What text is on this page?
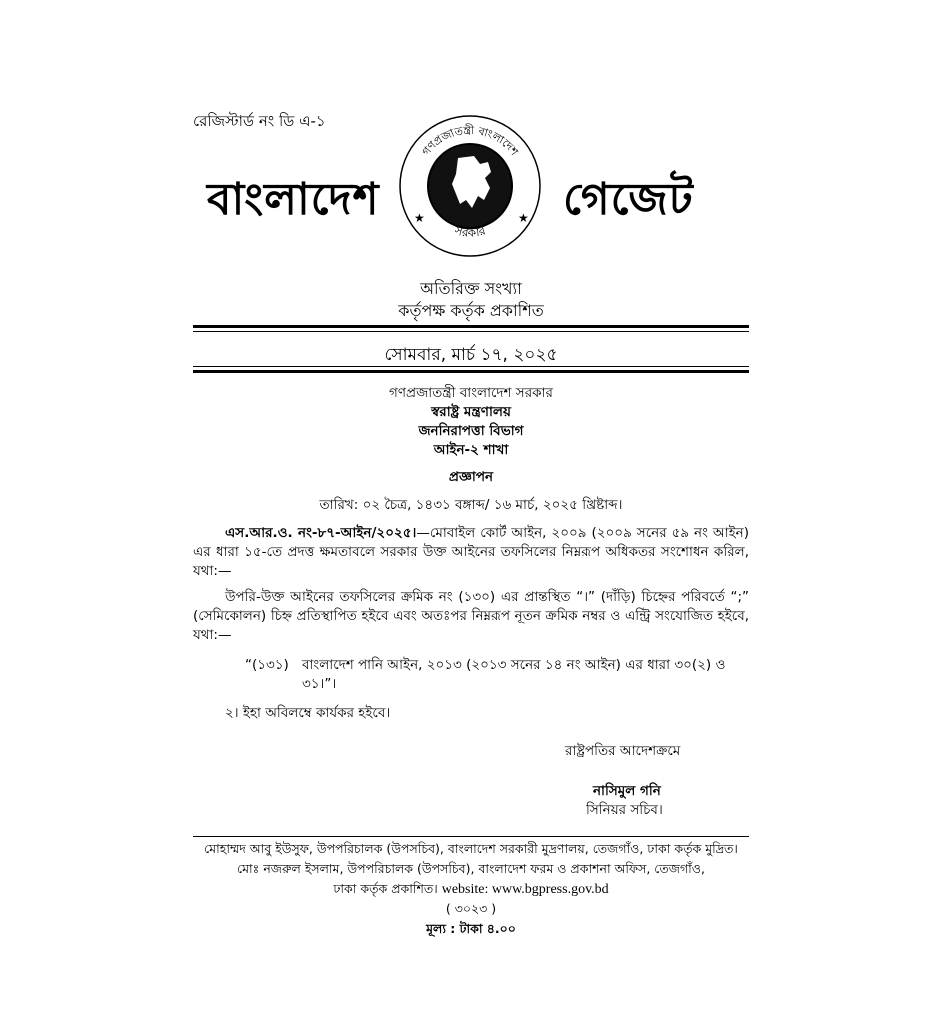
রেজিস্টার্ড নং ডি এ-১
বাংলাদেশ
গণপ্রজাতন্ত্রী বাংলাদেশ
সরকার
★	★ গেজেট
অতিরিক্ত সংখ্যা
কর্তৃপক্ষ কর্তৃক প্রকাশিত
সোমবার, মার্চ ১৭, ২০২৫
গণপ্রজাতন্ত্রী বাংলাদেশ সরকার
স্বরাষ্ট্র মন্ত্রণালয়
জননিরাপত্তা বিভাগ
আইন-২ শাখা
প্রজ্ঞাপন
তারিখ: ০২ চৈত্র, ১৪৩১ বঙ্গাব্দ/ ১৬ মার্চ, ২০২৫ খ্রিষ্টাব্দ।
এস.আর.ও. নং-৮৭-আইন/২০২৫।—মোবাইল কোর্ট আইন, ২০০৯ (২০০৯ সনের ৫৯ নং আইন) এর ধারা ১৫-তে প্রদত্ত ক্ষমতাবলে সরকার উক্ত আইনের তফসিলের নিম্নরূপ অধিকতর সংশোধন করিল, যথা:—
উপরি-উক্ত আইনের তফসিলের ক্রমিক নং (১৩০) এর প্রান্তস্থিত “।” (দাঁড়ি) চিহ্নের পরিবর্তে “;” (সেমিকোলন) চিহ্ন প্রতিস্থাপিত হইবে এবং অতঃপর নিম্নরূপ নূতন ক্রমিক নম্বর ও এন্ট্রি সংযোজিত হইবে, যথা:—
“(১৩১) বাংলাদেশ পানি আইন, ২০১৩ (২০১৩ সনের ১৪ নং আইন) এর ধারা ৩০(২) ও ৩১।”।
২। ইহা অবিলম্বে কার্যকর হইবে।
রাষ্ট্রপতির আদেশক্রমে
নাসিমুল গনি
সিনিয়র সচিব।
মোহাম্মদ আবু ইউসুফ, উপপরিচালক (উপসচিব), বাংলাদেশ সরকারী মুদ্রণালয়, তেজগাঁও, ঢাকা কর্তৃক মুদ্রিত।
মোঃ নজরুল ইসলাম, উপপরিচালক (উপসচিব), বাংলাদেশ ফরম ও প্রকাশনা অফিস, তেজগাঁও,
ঢাকা কর্তৃক প্রকাশিত। website: www.bgpress.gov.bd
( ৩০২৩ )
মূল্য : টাকা ৪.০০
